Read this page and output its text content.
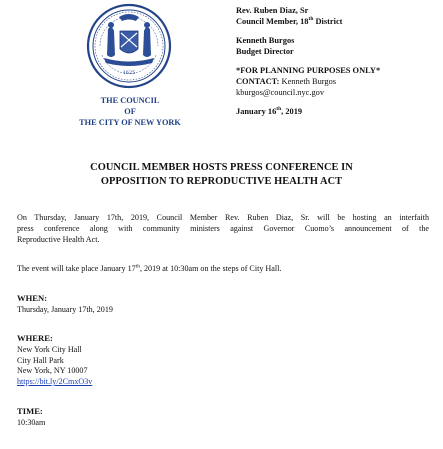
1625
THE COUNCIL
OF
THE CITY OF NEW YORK
Rev. Ruben Diaz, Sr
Council Member, 18th District
Kenneth Burgos
Budget Director
*FOR PLANNING PURPOSES ONLY*
CONTACT: Kenneth Burgos
kburgos@council.nyc.gov
January 16th, 2019
COUNCIL MEMBER HOSTS PRESS CONFERENCE IN
OPPOSITION TO REPRODUCTIVE HEALTH ACT
On Thursday, January 17th, 2019, Council Member Rev. Ruben Diaz, Sr. will be hosting an interfaith
press conference along with community ministers against Governor Cuomo’s announcement of the
Reproductive Health Act.
The event will take place January 17th, 2019 at 10:30am on the steps of City Hall.
WHEN:
Thursday, January 17th, 2019
WHERE:
New York City Hall
City Hall Park
New York, NY 10007
https://bit.ly/2CmxO3v
TIME:
10:30am
